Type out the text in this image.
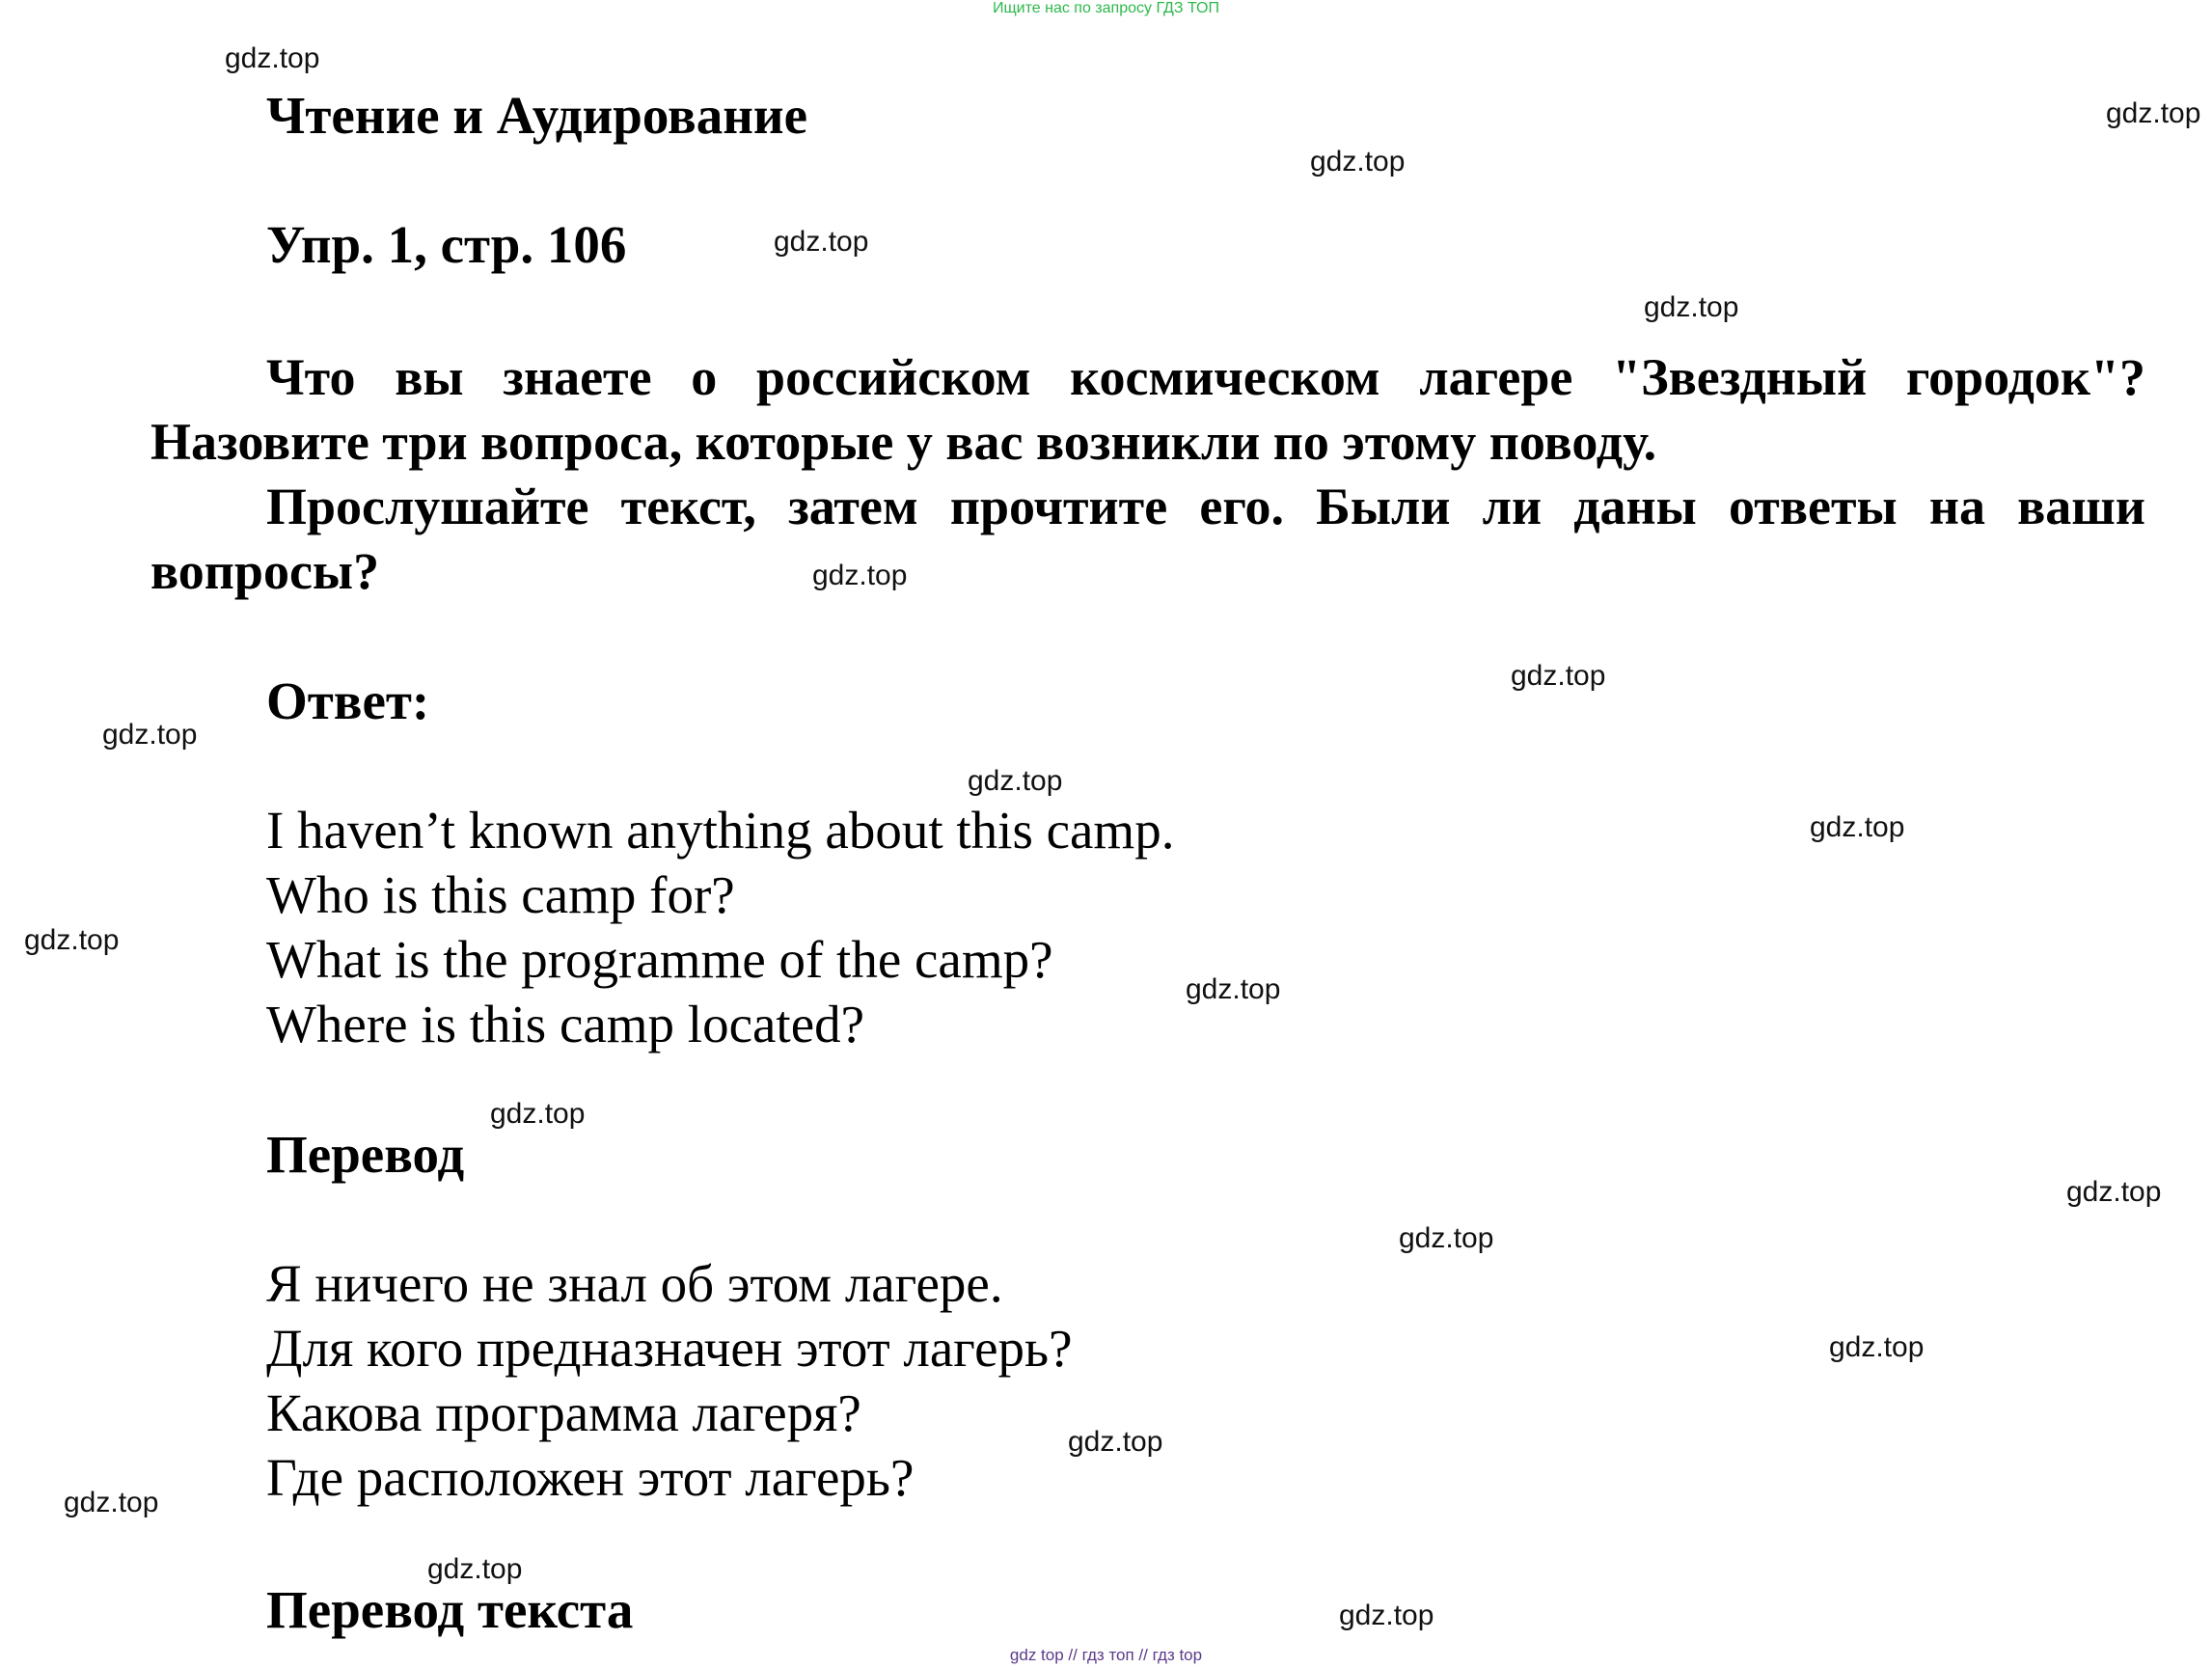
Ищите нас по запросу ГДЗ ТОП
gdz.top
gdz.top
gdz.top
gdz.top
gdz.top
gdz.top
gdz.top
gdz.top
gdz.top
gdz.top
gdz.top
gdz.top
gdz.top
gdz.top
gdz.top
gdz.top
gdz.top
gdz.top
gdz.top
gdz.top
Чтение и Аудирование
Упр. 1, стр. 106

Что вы знаете о российском космическом лагере "Звездный городок"? Назовите три вопроса, которые у вас возникли по этому поводу.

Прослушайте текст, затем прочтите его. Были ли даны ответы на ваши вопросы?

Ответ:
I haven’t known anything about this camp.
Who is this camp for?
What is the programme of the camp?
Where is this camp located?
Перевод
Я ничего не знал об этом лагере.
Для кого предназначен этот лагерь?
Какова программа лагеря?
Где расположен этот лагерь?
Перевод текста
gdz top // гдз топ // гдз top
